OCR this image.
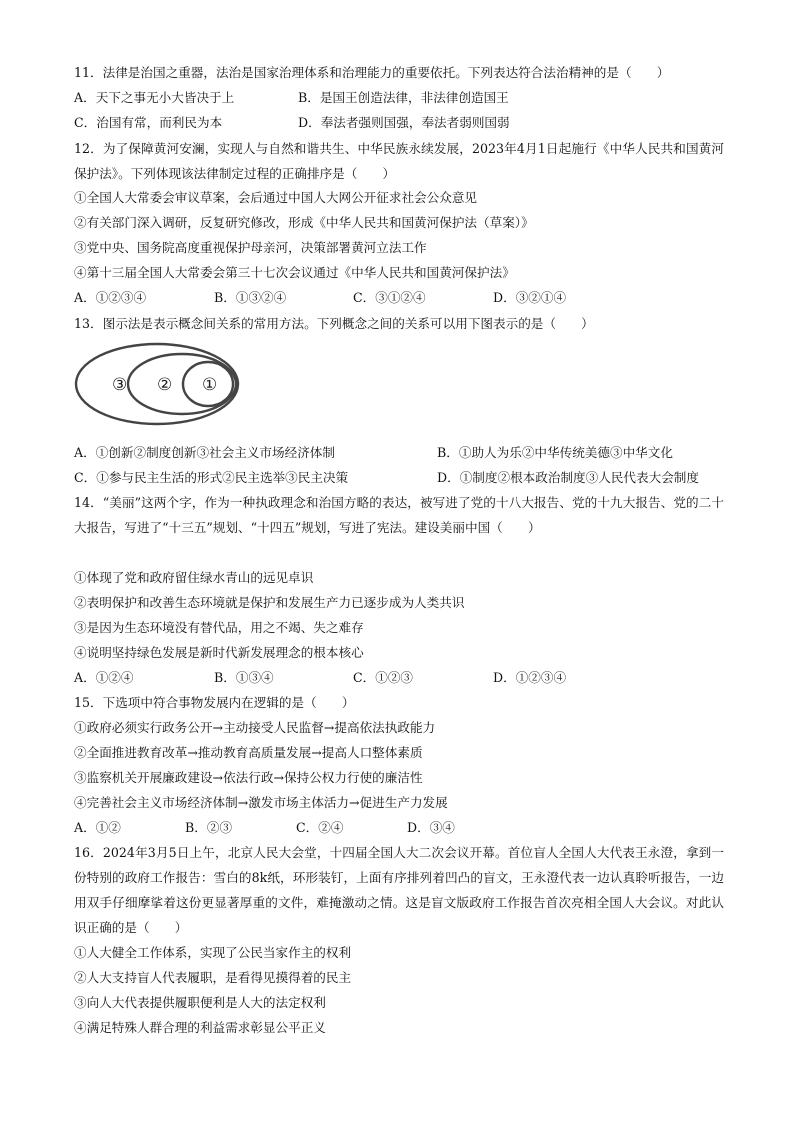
11．法律是治国之重器，法治是国家治理体系和治理能力的重要依托。下列表达符合法治精神的是（　　）
A．天下之事无小大皆决于上	B．是国王创造法律，非法律创造国王
C．治国有常，而利民为本	D．奉法者强则国强，奉法者弱则国弱
12．为了保障黄河安澜，实现人与自然和谐共生、中华民族永续发展，2023年4月1日起施行《中华人民共和国黄河保护法》。下列体现该法律制定过程的正确排序是（　　）
①全国人大常委会审议草案，会后通过中国人大网公开征求社会公众意见
②有关部门深入调研，反复研究修改，形成《中华人民共和国黄河保护法（草案）》
③党中央、国务院高度重视保护母亲河，决策部署黄河立法工作
④第十三届全国人大常委会第三十七次会议通过《中华人民共和国黄河保护法》
A．①②③④	B．①③②④	C．③①②④	D．③②①④
13．图示法是表示概念间关系的常用方法。下列概念之间的关系可以用下图表示的是（　　）
③ ② ①
A．①创新②制度创新③社会主义市场经济体制	B．①助人为乐②中华传统美德③中华文化
C．①参与民主生活的形式②民主选举③民主决策	D．①制度②根本政治制度③人民代表大会制度
14．“美丽”这两个字，作为一种执政理念和治国方略的表达，被写进了党的十八大报告、党的十九大报告、党的二十大报告，写进了“十三五”规划、“十四五”规划，写进了宪法。建设美丽中国（　　）
①体现了党和政府留住绿水青山的远见卓识
②表明保护和改善生态环境就是保护和发展生产力已逐步成为人类共识
③是因为生态环境没有替代品，用之不竭、失之难存
④说明坚持绿色发展是新时代新发展理念的根本核心
A．①②④	B．①③④	C．①②③	D．①②③④
15．下选项中符合事物发展内在逻辑的是（　　）
①政府必须实行政务公开→主动接受人民监督→提高依法执政能力
②全面推进教育改革→推动教育高质量发展→提高人口整体素质
③监察机关开展廉政建设→依法行政→保持公权力行使的廉洁性
④完善社会主义市场经济体制→激发市场主体活力→促进生产力发展
A．①②	B．②③	C．②④	D．③④
16．2024年3月5日上午，北京人民大会堂，十四届全国人大二次会议开幕。首位盲人全国人大代表王永澄，拿到一份特别的政府工作报告：雪白的8k纸，环形装钉，上面有序排列着凹凸的盲文，王永澄代表一边认真聆听报告，一边用双手仔细摩挲着这份更显著厚重的文件，难掩激动之情。这是盲文版政府工作报告首次亮相全国人大会议。对此认识正确的是（　　）
①人大健全工作体系，实现了公民当家作主的权利
②人大支持盲人代表履职，是看得见摸得着的民主
③向人大代表提供履职便利是人大的法定权利
④满足特殊人群合理的利益需求彰显公平正义
